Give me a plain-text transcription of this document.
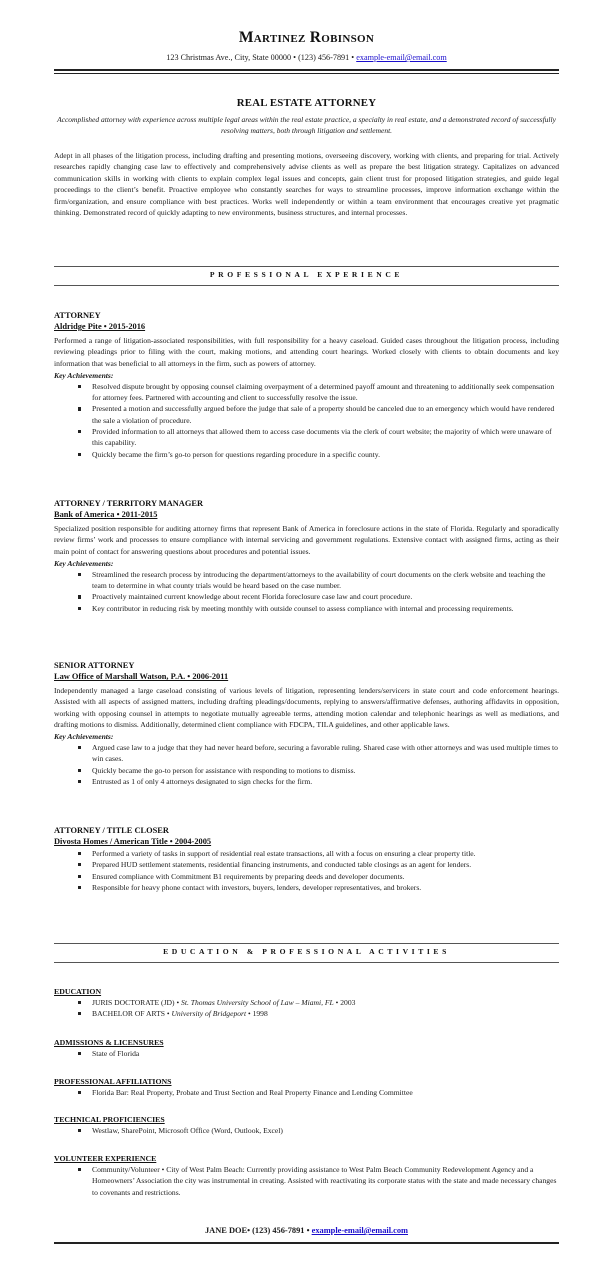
Martinez Robinson
123 Christmas Ave., City, State 00000 • (123) 456-7891 • example-email@email.com
REAL ESTATE ATTORNEY
Accomplished attorney with experience across multiple legal areas within the real estate practice, a specialty in real estate, and a demonstrated record of successfully resolving matters, both through litigation and settlement.
Adept in all phases of the litigation process, including drafting and presenting motions, overseeing discovery, working with clients, and preparing for trial. Actively researches rapidly changing case law to effectively and comprehensively advise clients as well as prepare the best litigation strategy. Capitalizes on advanced communication skills in working with clients to explain complex legal issues and concepts, gain client trust for proposed litigation strategies, and guide legal proceedings to the client’s benefit. Proactive employee who constantly searches for ways to streamline processes, improve information exchange within the firm/organization, and ensure compliance with best practices. Works well independently or within a team environment that encourages creative yet pragmatic thinking. Demonstrated record of quickly adapting to new environments, business structures, and internal processes.
PROFESSIONAL EXPERIENCE
ATTORNEY
Aldridge Pite • 2015-2016
Performed a range of litigation-associated responsibilities, with full responsibility for a heavy caseload. Guided cases throughout the litigation process, including reviewing pleadings prior to filing with the court, making motions, and attending court hearings. Worked closely with clients to obtain documents and key information that was beneficial to all attorneys in the firm, such as powers of attorney.
Key Achievements:
Resolved dispute brought by opposing counsel claiming overpayment of a determined payoff amount and threatening to additionally seek compensation for attorney fees. Partnered with accounting and client to successfully resolve the issue.
Presented a motion and successfully argued before the judge that sale of a property should be canceled due to an emergency which would have rendered the sale a violation of procedure.
Provided information to all attorneys that allowed them to access case documents via the clerk of court website; the majority of which were unaware of this capability.
Quickly became the firm’s go-to person for questions regarding procedure in a specific county.
ATTORNEY / TERRITORY MANAGER
Bank of America • 2011-2015
Specialized position responsible for auditing attorney firms that represent Bank of America in foreclosure actions in the state of Florida. Regularly and sporadically review firms’ work and processes to ensure compliance with internal servicing and government regulations. Extensive contact with assigned firms, acting as their main point of contact for answering questions about procedures and potential issues.
Key Achievements:
Streamlined the research process by introducing the department/attorneys to the availability of court documents on the clerk website and teaching the team to determine in what county trials would be heard based on the case number.
Proactively maintained current knowledge about recent Florida foreclosure case law and court procedure.
Key contributor in reducing risk by meeting monthly with outside counsel to assess compliance with internal and processing requirements.
SENIOR ATTORNEY
Law Office of Marshall Watson, P.A. • 2006-2011
Independently managed a large caseload consisting of various levels of litigation, representing lenders/servicers in state court and code enforcement hearings. Assisted with all aspects of assigned matters, including drafting pleadings/documents, replying to answers/affirmative defenses, authoring affidavits in opposition, working with opposing counsel in attempts to negotiate mutually agreeable terms, attending motion calendar and telephonic hearings as well as mediations, and drafting motions to dismiss. Additionally, determined client compliance with FDCPA, TILA guidelines, and other applicable laws.
Key Achievements:
Argued case law to a judge that they had never heard before, securing a favorable ruling. Shared case with other attorneys and was used multiple times to win cases.
Quickly became the go-to person for assistance with responding to motions to dismiss.
Entrusted as 1 of only 4 attorneys designated to sign checks for the firm.
ATTORNEY / TITLE CLOSER
Divosta Homes / American Title • 2004-2005
Performed a variety of tasks in support of residential real estate transactions, all with a focus on ensuring a clear property title.
Prepared HUD settlement statements, residential financing instruments, and conducted table closings as an agent for lenders.
Ensured compliance with Commitment B1 requirements by preparing deeds and developer documents.
Responsible for heavy phone contact with investors, buyers, lenders, developer representatives, and brokers.
EDUCATION & PROFESSIONAL ACTIVITIES
EDUCATION
JURIS DOCTORATE (JD) • St. Thomas University School of Law – Miami, FL • 2003
BACHELOR OF ARTS • University of Bridgeport • 1998
ADMISSIONS & LICENSURES
State of Florida
PROFESSIONAL AFFILIATIONS
Florida Bar: Real Property, Probate and Trust Section and Real Property Finance and Lending Committee
TECHNICAL PROFICIENCIES
Westlaw, SharePoint, Microsoft Office (Word, Outlook, Excel)
VOLUNTEER EXPERIENCE
Community/Volunteer • City of West Palm Beach: Currently providing assistance to West Palm Beach Community Redevelopment Agency and a Homeowners’ Association the city was instrumental in creating. Assisted with reactivating its corporate status with the state and made necessary changes to covenants and restrictions.
JANE DOE• (123) 456-7891 • example-email@email.com
